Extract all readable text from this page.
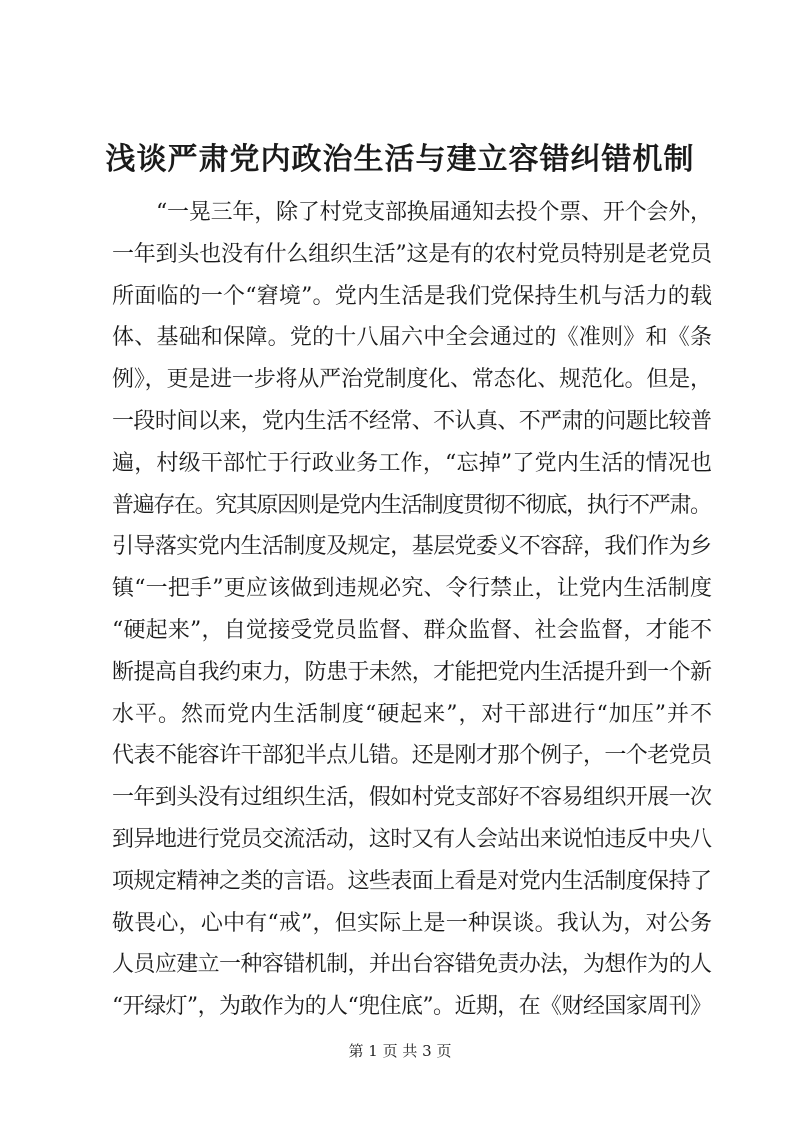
浅谈严肃党内政治生活与建立容错纠错机制
“一晃三年，除了村党支部换届通知去投个票、开个会外，
一年到头也没有什么组织生活”这是有的农村党员特别是老党员
所面临的一个“窘境”。党内生活是我们党保持生机与活力的载
体、基础和保障。党的十八届六中全会通过的《准则》和《条
例》，更是进一步将从严治党制度化、常态化、规范化。但是，
一段时间以来，党内生活不经常、不认真、不严肃的问题比较普
遍，村级干部忙于行政业务工作，“忘掉”了党内生活的情况也
普遍存在。究其原因则是党内生活制度贯彻不彻底，执行不严肃。
引导落实党内生活制度及规定，基层党委义不容辞，我们作为乡
镇“一把手”更应该做到违规必究、令行禁止，让党内生活制度
“硬起来”，自觉接受党员监督、群众监督、社会监督，才能不
断提高自我约束力，防患于未然，才能把党内生活提升到一个新
水平。然而党内生活制度“硬起来”，对干部进行“加压”并不
代表不能容许干部犯半点儿错。还是刚才那个例子，一个老党员
一年到头没有过组织生活，假如村党支部好不容易组织开展一次
到异地进行党员交流活动，这时又有人会站出来说怕违反中央八
项规定精神之类的言语。这些表面上看是对党内生活制度保持了
敬畏心，心中有“戒”，但实际上是一种误谈。我认为，对公务
人员应建立一种容错机制，并出台容错免责办法，为想作为的人
“开绿灯”，为敢作为的人“兜住底”。近期，在《财经国家周刊》
第 1 页 共 3 页
